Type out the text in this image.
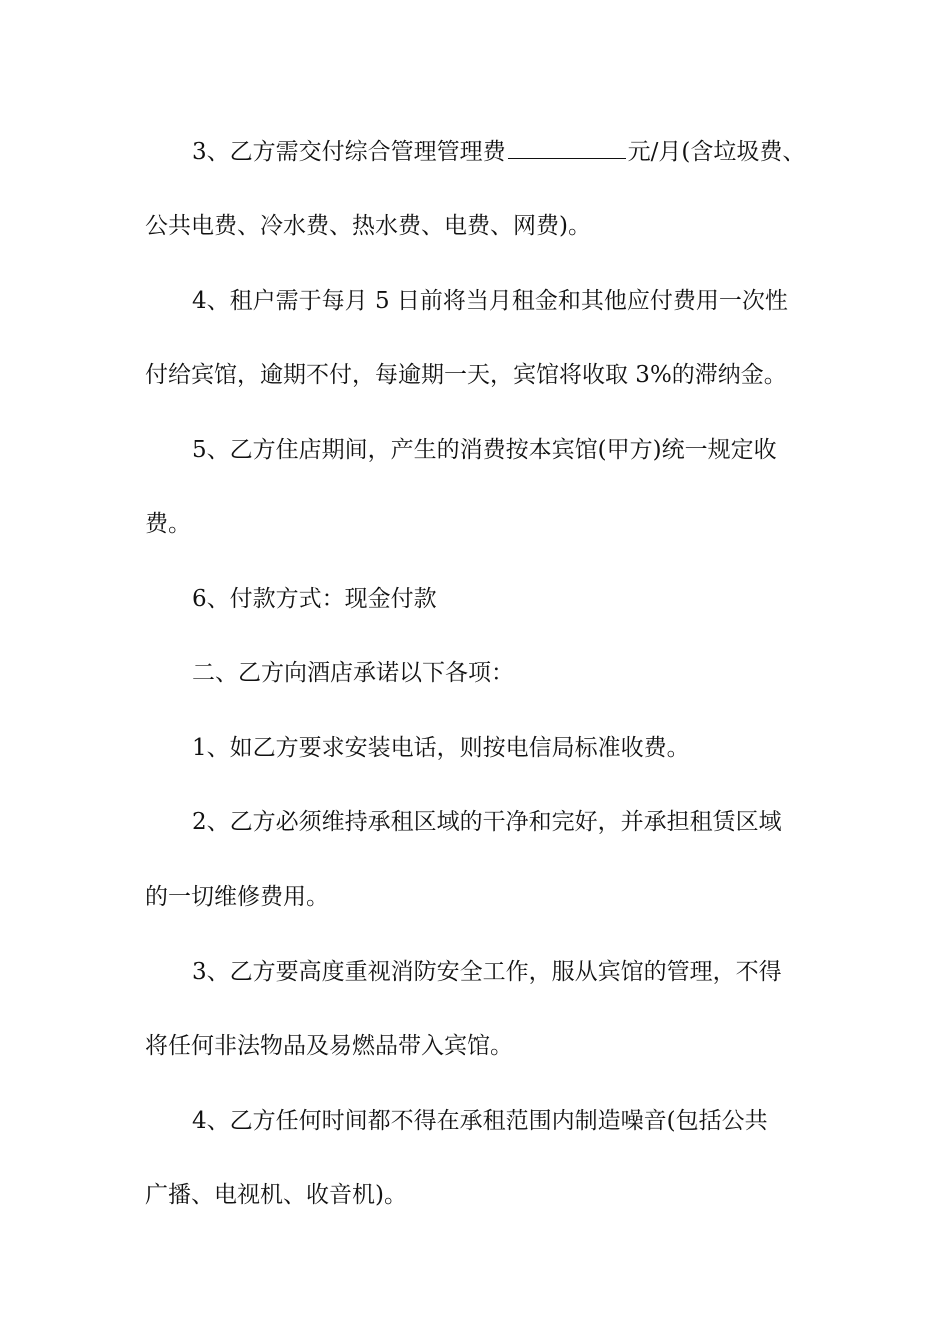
3、乙方需交付综合管理管理费	元/月(含垃圾费、
公共电费、冷水费、热水费、电费、网费)。
4、租户需于每月 5 日前将当月租金和其他应付费用一次性
付给宾馆，逾期不付，每逾期一天，宾馆将收取 3%的滞纳金。
5、乙方住店期间，产生的消费按本宾馆(甲方)统一规定收
费。
6、付款方式：现金付款
二、乙方向酒店承诺以下各项：
1、如乙方要求安装电话，则按电信局标准收费。
2、乙方必须维持承租区域的干净和完好，并承担租赁区域
的一切维修费用。
3、乙方要高度重视消防安全工作，服从宾馆的管理，不得
将任何非法物品及易燃品带入宾馆。
4、乙方任何时间都不得在承租范围内制造噪音(包括公共
广播、电视机、收音机)。
